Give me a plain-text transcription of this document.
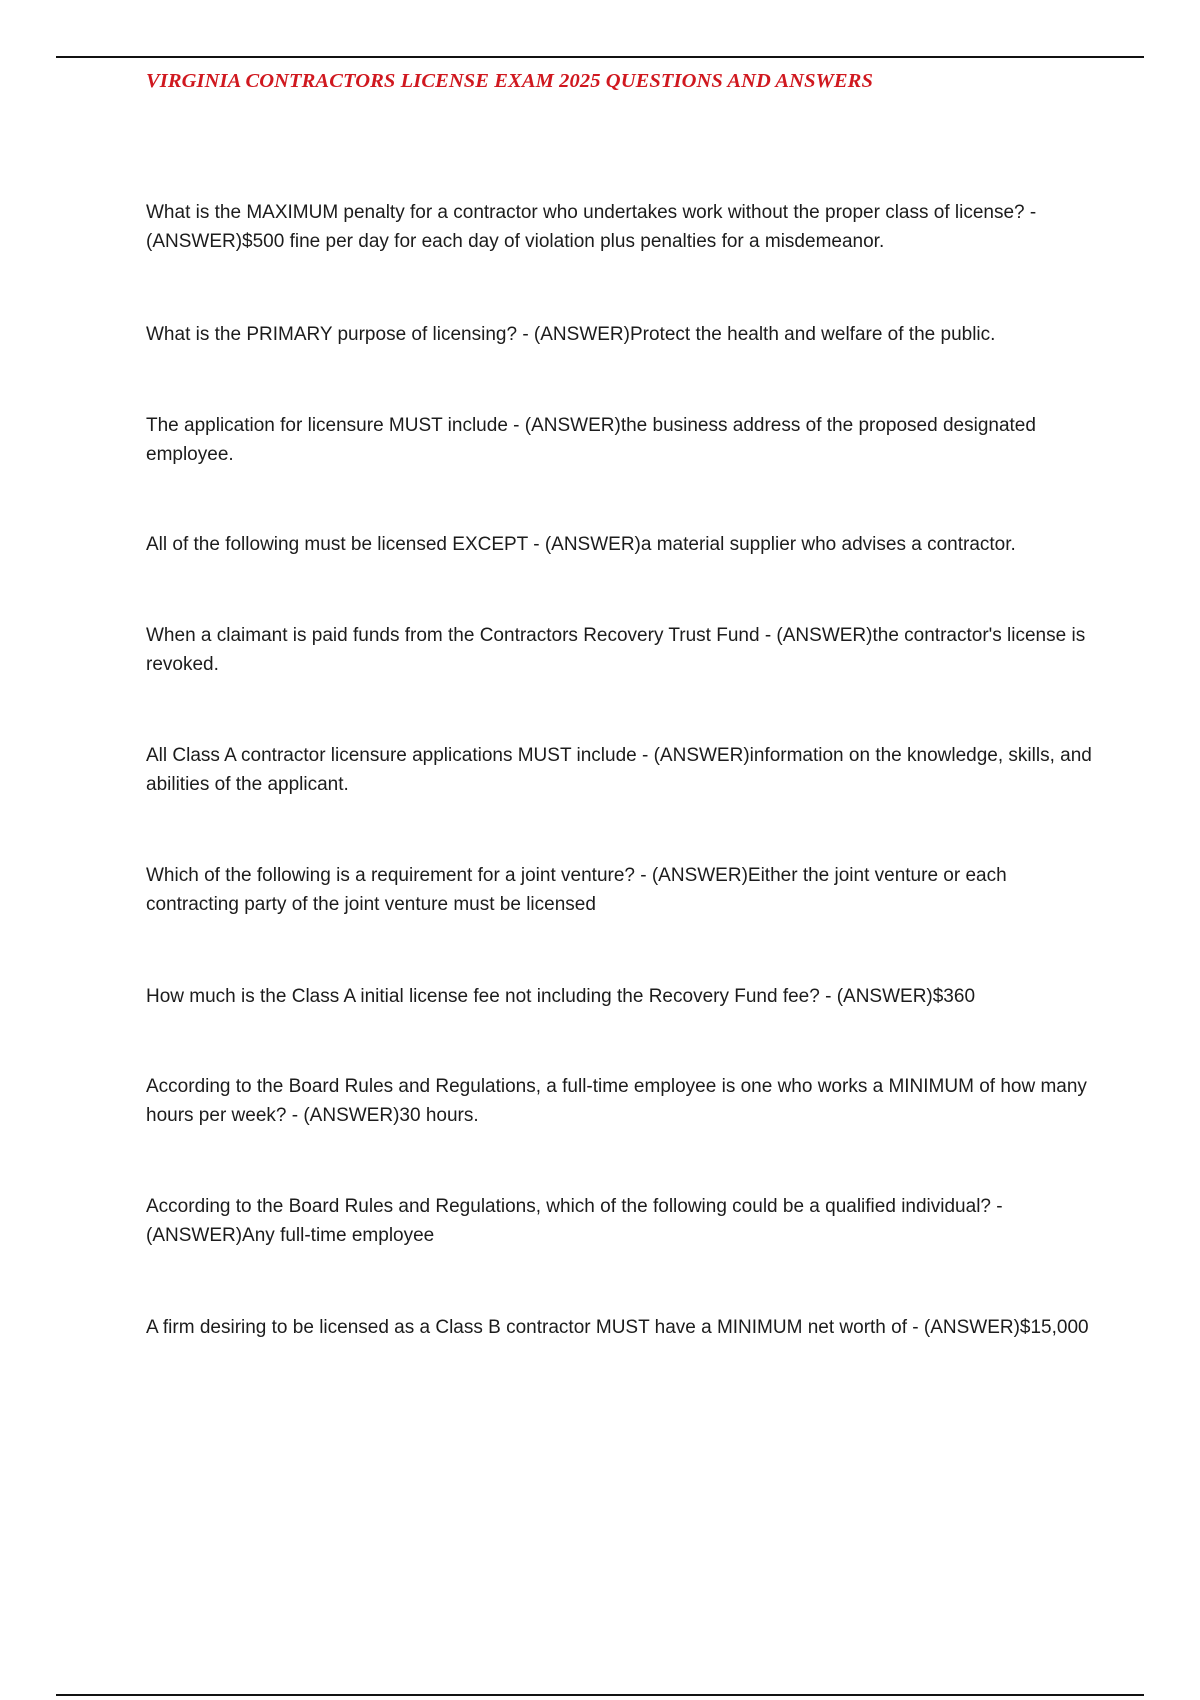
VIRGINIA CONTRACTORS LICENSE EXAM 2025 QUESTIONS AND ANSWERS

What is the MAXIMUM penalty for a contractor who undertakes work without the proper class of license? - (ANSWER)$500 fine per day for each day of violation plus penalties for a misdemeanor.

What is the PRIMARY purpose of licensing? - (ANSWER)Protect the health and welfare of the public.

The application for licensure MUST include - (ANSWER)the business address of the proposed designated employee.

All of the following must be licensed EXCEPT - (ANSWER)a material supplier who advises a contractor.

When a claimant is paid funds from the Contractors Recovery Trust Fund - (ANSWER)the contractor's license is revoked.

All Class A contractor licensure applications MUST include - (ANSWER)information on the knowledge, skills, and abilities of the applicant.

Which of the following is a requirement for a joint venture? - (ANSWER)Either the joint venture or each contracting party of the joint venture must be licensed

How much is the Class A initial license fee not including the Recovery Fund fee? - (ANSWER)$360

According to the Board Rules and Regulations, a full-time employee is one who works a MINIMUM of how many hours per week? - (ANSWER)30 hours.

According to the Board Rules and Regulations, which of the following could be a qualified individual? - (ANSWER)Any full-time employee

A firm desiring to be licensed as a Class B contractor MUST have a MINIMUM net worth of - (ANSWER)$15,000
